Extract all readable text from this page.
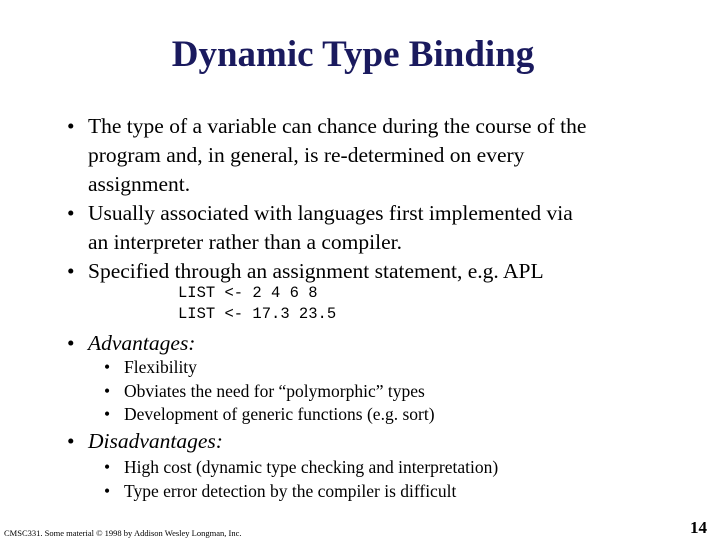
Dynamic Type Binding
• The type of a variable can chance during the course of the
program and, in general, is re-determined on every
assignment.
• Usually associated with languages first implemented via
an interpreter rather than a compiler.
• Specified through an assignment statement, e.g. APL
LIST <- 2 4 6 8
LIST <- 17.3 23.5
• Advantages:
• Flexibility
• Obviates the need for “polymorphic” types
• Development of generic functions (e.g. sort)
• Disadvantages:
• High cost (dynamic type checking and interpretation)
• Type error detection by the compiler is difficult
CMSC331. Some material © 1998 by Addison Wesley Longman, Inc.	14
